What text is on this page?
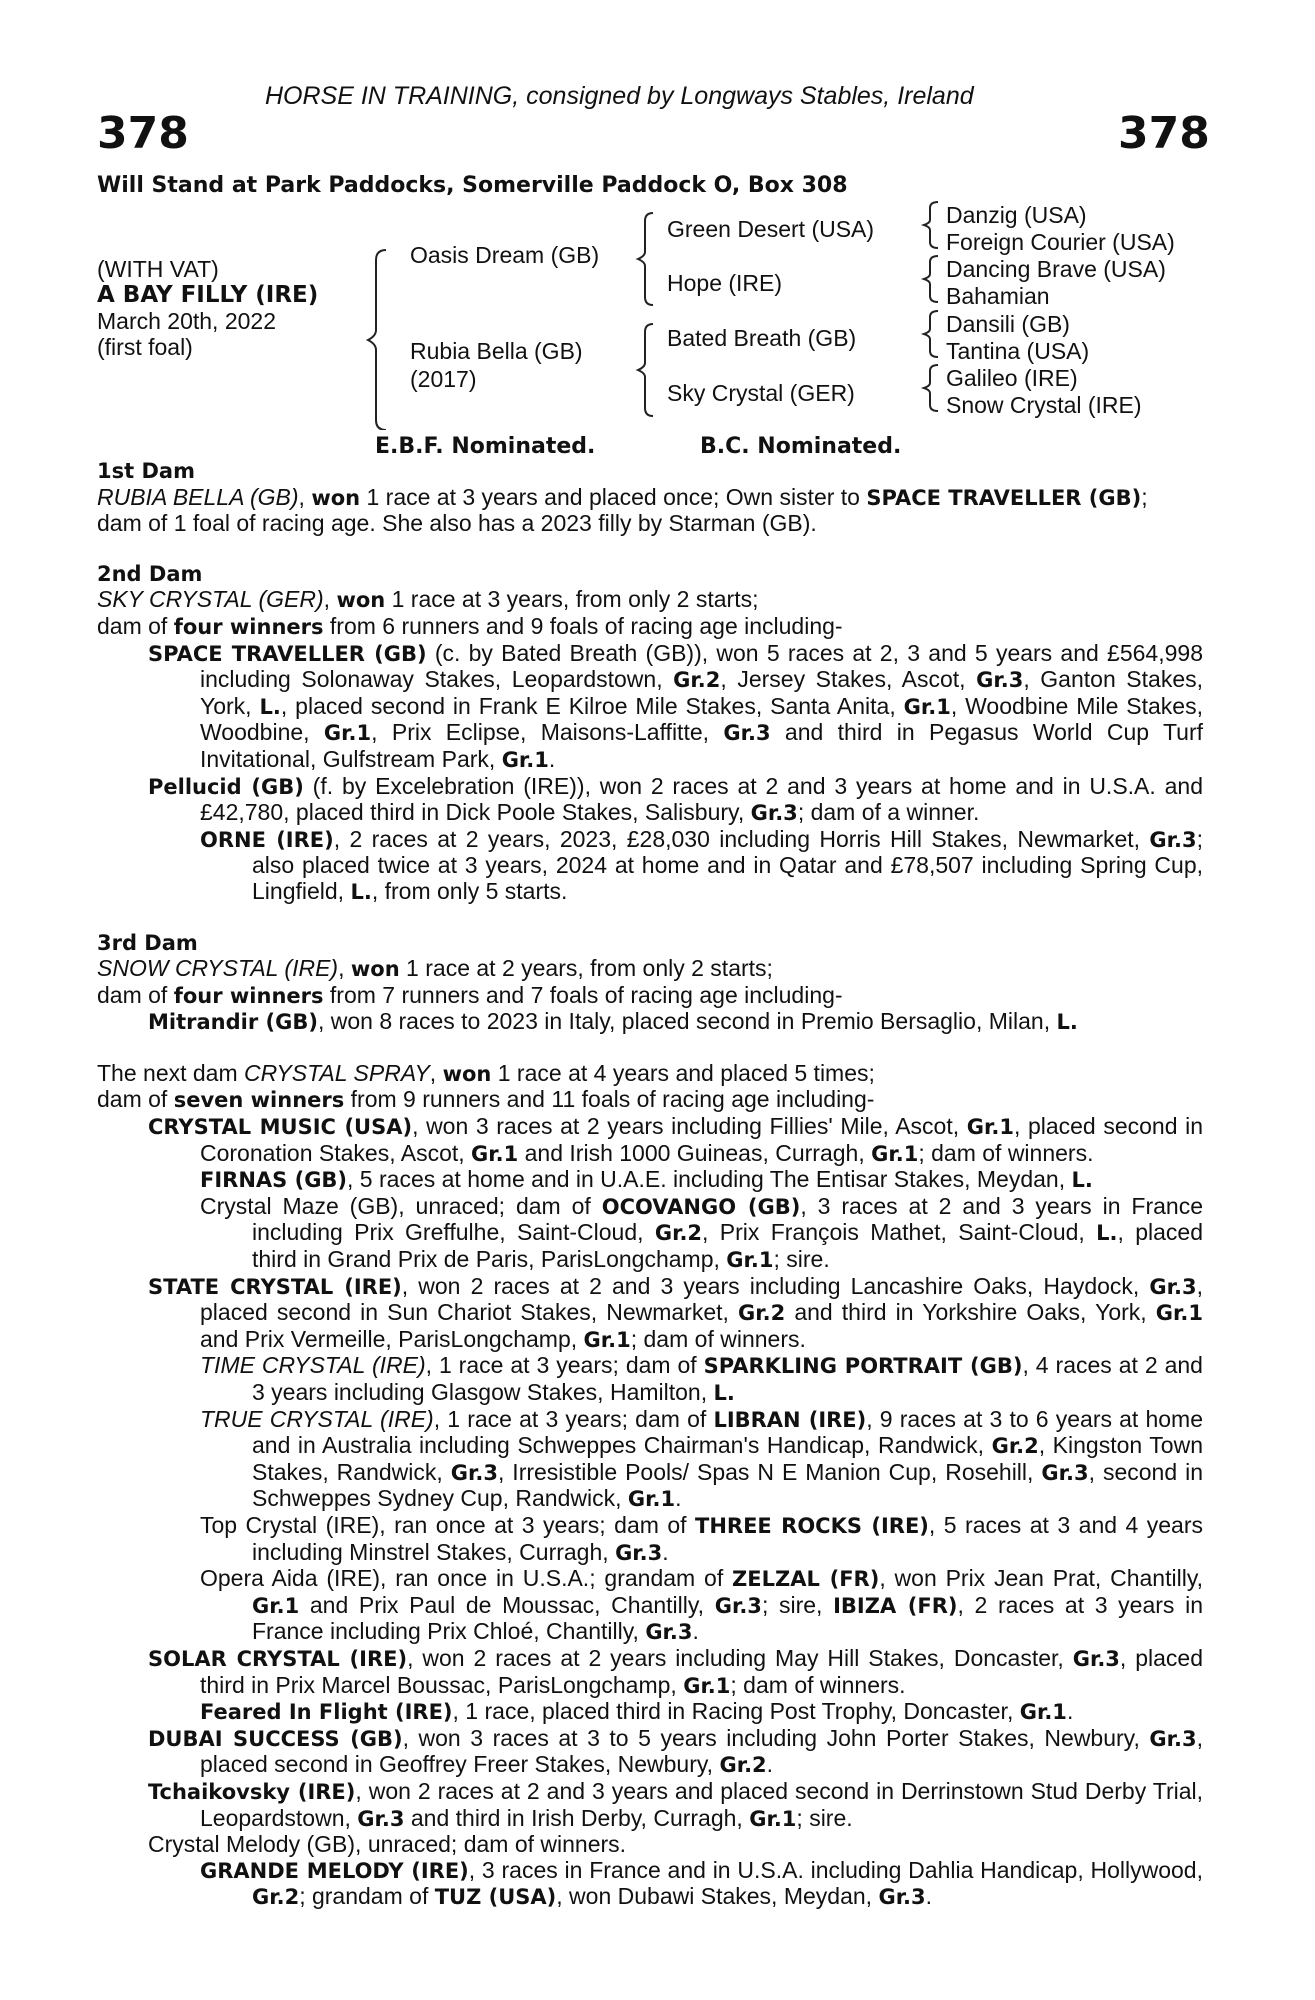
HORSE IN TRAINING, consigned by Longways Stables, Ireland
378	378
Will Stand at Park Paddocks, Somerville Paddock O, Box 308
(WITH VAT)
A BAY FILLY (IRE)
March 20th, 2022
(first foal)
Oasis Dream (GB)
Rubia Bella (GB)
(2017)
Green Desert (USA)
Hope (IRE)
Bated Breath (GB)
Sky Crystal (GER)
Danzig (USA)
Foreign Courier (USA)
Dancing Brave (USA)
Bahamian
Dansili (GB)
Tantina (USA)
Galileo (IRE)
Snow Crystal (IRE)
E.B.F. Nominated.	B.C. Nominated.

1st Dam

RUBIA BELLA (GB), won 1 race at 3 years and placed once; Own sister to SPACE TRAVELLER (GB);

dam of 1 foal of racing age. She also has a 2023 filly by Starman (GB).

2nd Dam

SKY CRYSTAL (GER), won 1 race at 3 years, from only 2 starts;

dam of four winners from 6 runners and 9 foals of racing age including-

SPACE TRAVELLER (GB) (c. by Bated Breath (GB)), won 5 races at 2, 3 and 5 years and £564,998 including Solonaway Stakes, Leopardstown, Gr.2, Jersey Stakes, Ascot, Gr.3, Ganton Stakes, York, L., placed second in Frank E Kilroe Mile Stakes, Santa Anita, Gr.1, Woodbine Mile Stakes, Woodbine, Gr.1, Prix Eclipse, Maisons-Laffitte, Gr.3 and third in Pegasus World Cup Turf Invitational, Gulfstream Park, Gr.1.

Pellucid (GB) (f. by Excelebration (IRE)), won 2 races at 2 and 3 years at home and in U.S.A. and £42,780, placed third in Dick Poole Stakes, Salisbury, Gr.3; dam of a winner.

ORNE (IRE), 2 races at 2 years, 2023, £28,030 including Horris Hill Stakes, Newmarket, Gr.3; also placed twice at 3 years, 2024 at home and in Qatar and £78,507 including Spring Cup, Lingfield, L., from only 5 starts.

3rd Dam

SNOW CRYSTAL (IRE), won 1 race at 2 years, from only 2 starts;

dam of four winners from 7 runners and 7 foals of racing age including-

Mitrandir (GB), won 8 races to 2023 in Italy, placed second in Premio Bersaglio, Milan, L.

The next dam CRYSTAL SPRAY, won 1 race at 4 years and placed 5 times;

dam of seven winners from 9 runners and 11 foals of racing age including-

CRYSTAL MUSIC (USA), won 3 races at 2 years including Fillies' Mile, Ascot, Gr.1, placed second in Coronation Stakes, Ascot, Gr.1 and Irish 1000 Guineas, Curragh, Gr.1; dam of winners.

FIRNAS (GB), 5 races at home and in U.A.E. including The Entisar Stakes, Meydan, L.

Crystal Maze (GB), unraced; dam of OCOVANGO (GB), 3 races at 2 and 3 years in France including Prix Greffulhe, Saint-Cloud, Gr.2, Prix François Mathet, Saint-Cloud, L., placed third in Grand Prix de Paris, ParisLongchamp, Gr.1; sire.

STATE CRYSTAL (IRE), won 2 races at 2 and 3 years including Lancashire Oaks, Haydock, Gr.3, placed second in Sun Chariot Stakes, Newmarket, Gr.2 and third in Yorkshire Oaks, York, Gr.1 and Prix Vermeille, ParisLongchamp, Gr.1; dam of winners.

TIME CRYSTAL (IRE), 1 race at 3 years; dam of SPARKLING PORTRAIT (GB), 4 races at 2 and 3 years including Glasgow Stakes, Hamilton, L.

TRUE CRYSTAL (IRE), 1 race at 3 years; dam of LIBRAN (IRE), 9 races at 3 to 6 years at home and in Australia including Schweppes Chairman's Handicap, Randwick, Gr.2, Kingston Town Stakes, Randwick, Gr.3, Irresistible Pools/ Spas N E Manion Cup, Rosehill, Gr.3, second in Schweppes Sydney Cup, Randwick, Gr.1.

Top Crystal (IRE), ran once at 3 years; dam of THREE ROCKS (IRE), 5 races at 3 and 4 years including Minstrel Stakes, Curragh, Gr.3.

Opera Aida (IRE), ran once in U.S.A.; grandam of ZELZAL (FR), won Prix Jean Prat, Chantilly, Gr.1 and Prix Paul de Moussac, Chantilly, Gr.3; sire, IBIZA (FR), 2 races at 3 years in France including Prix Chloé, Chantilly, Gr.3.

SOLAR CRYSTAL (IRE), won 2 races at 2 years including May Hill Stakes, Doncaster, Gr.3, placed third in Prix Marcel Boussac, ParisLongchamp, Gr.1; dam of winners.

Feared In Flight (IRE), 1 race, placed third in Racing Post Trophy, Doncaster, Gr.1.

DUBAI SUCCESS (GB), won 3 races at 3 to 5 years including John Porter Stakes, Newbury, Gr.3, placed second in Geoffrey Freer Stakes, Newbury, Gr.2.

Tchaikovsky (IRE), won 2 races at 2 and 3 years and placed second in Derrinstown Stud Derby Trial, Leopardstown, Gr.3 and third in Irish Derby, Curragh, Gr.1; sire.

Crystal Melody (GB), unraced; dam of winners.

GRANDE MELODY (IRE), 3 races in France and in U.S.A. including Dahlia Handicap, Hollywood, Gr.2; grandam of TUZ (USA), won Dubawi Stakes, Meydan, Gr.3.
